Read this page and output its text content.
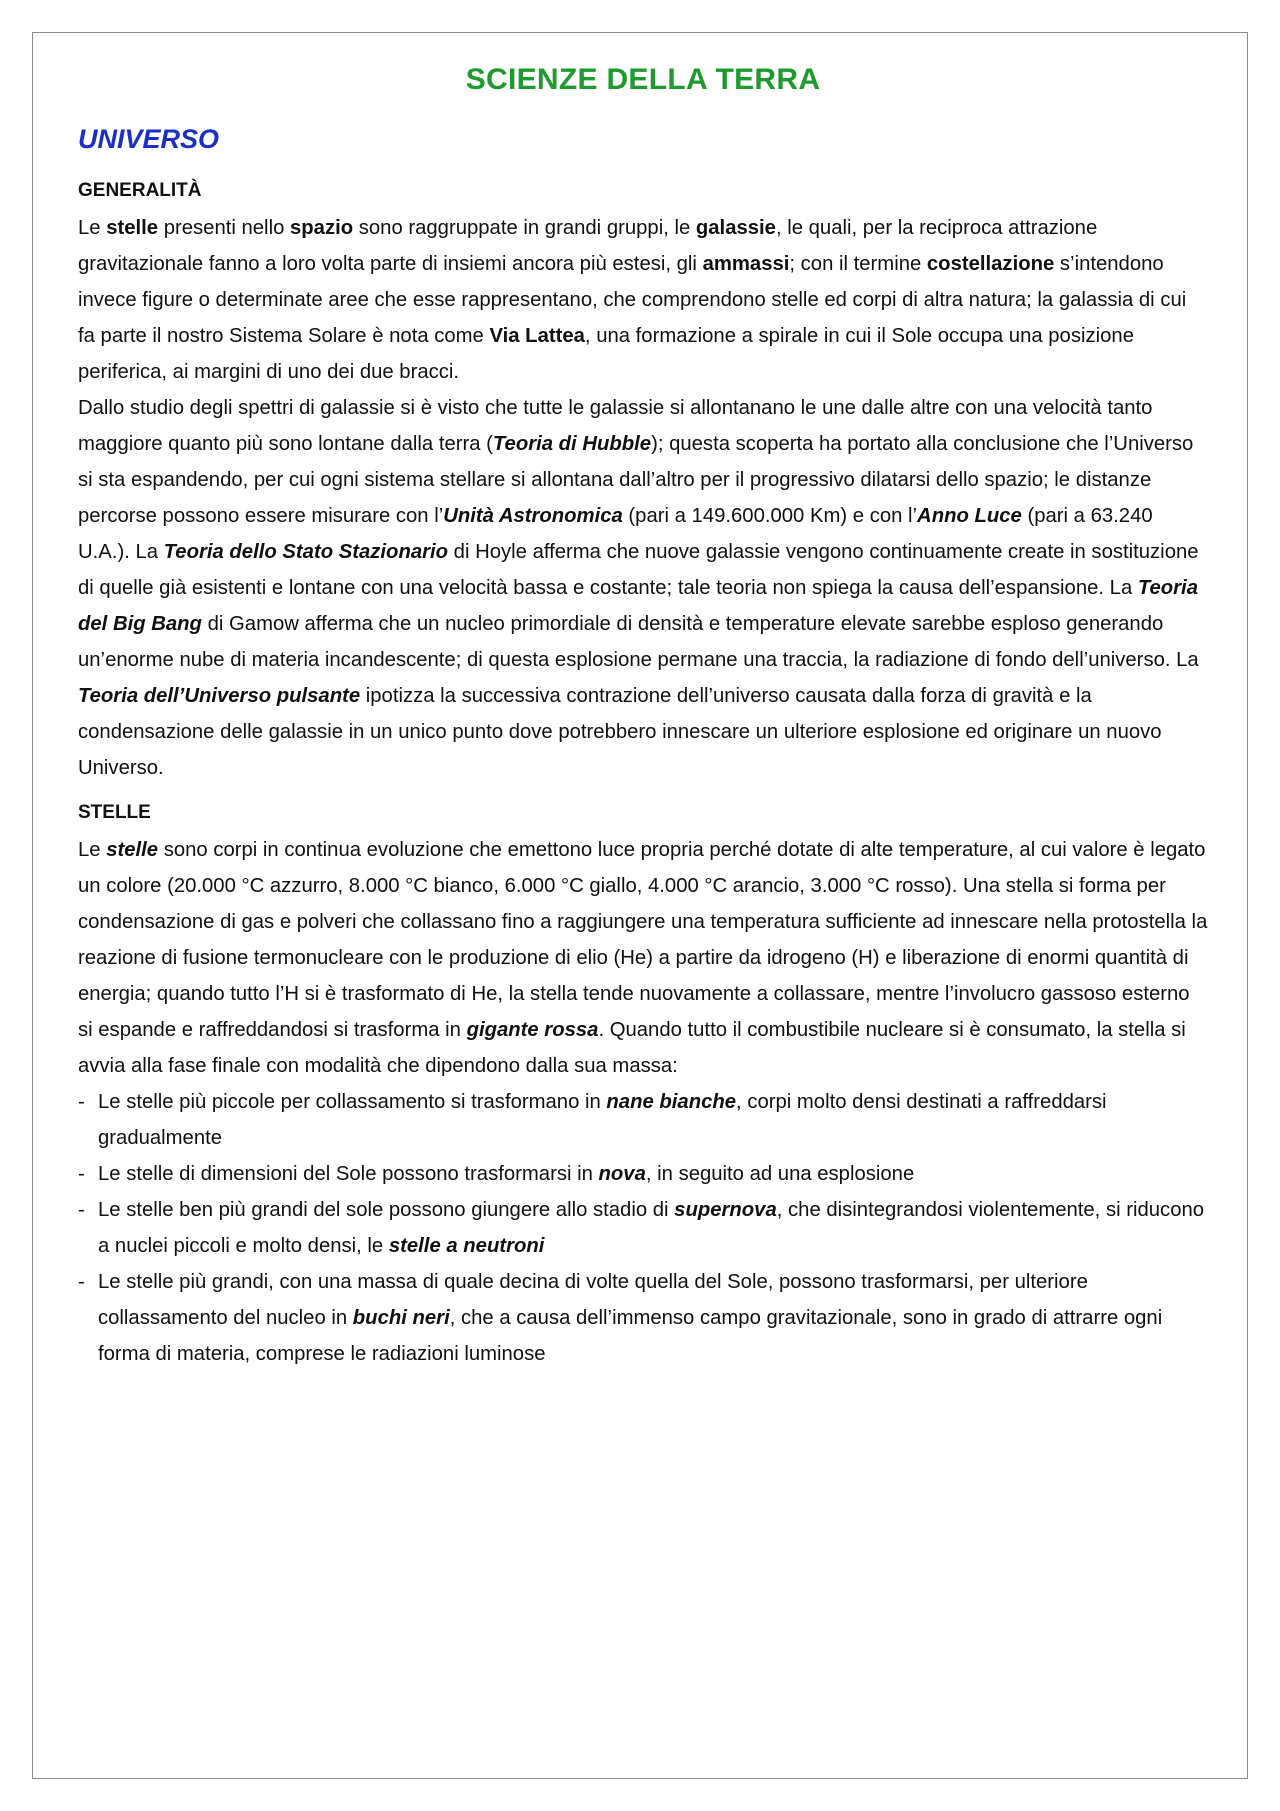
SCIENZE DELLA TERRA
UNIVERSO
GENERALITÀ

Le stelle presenti nello spazio sono raggruppate in grandi gruppi, le galassie, le quali, per la reciproca attrazione gravitazionale fanno a loro volta parte di insiemi ancora più estesi, gli ammassi; con il termine costellazione s’intendono invece figure o determinate aree che esse rappresentano, che comprendono stelle ed corpi di altra natura; la galassia di cui fa parte il nostro Sistema Solare è nota come Via Lattea, una formazione a spirale in cui il Sole occupa una posizione periferica, ai margini di uno dei due bracci.

Dallo studio degli spettri di galassie si è visto che tutte le galassie si allontanano le une dalle altre con una velocità tanto maggiore quanto più sono lontane dalla terra (Teoria di Hubble); questa scoperta ha portato alla conclusione che l’Universo si sta espandendo, per cui ogni sistema stellare si allontana dall’altro per il progressivo dilatarsi dello spazio; le distanze percorse possono essere misurare con l’Unità Astronomica (pari a 149.600.000 Km) e con l’Anno Luce (pari a 63.240 U.A.). La Teoria dello Stato Stazionario di Hoyle afferma che nuove galassie vengono continuamente create in sostituzione di quelle già esistenti e lontane con una velocità bassa e costante; tale teoria non spiega la causa dell’espansione. La Teoria del Big Bang di Gamow afferma che un nucleo primordiale di densità e temperature elevate sarebbe esploso generando un’enorme nube di materia incandescente; di questa esplosione permane una traccia, la radiazione di fondo dell’universo. La Teoria dell’Universo pulsante ipotizza la successiva contrazione dell’universo causata dalla forza di gravità e la condensazione delle galassie in un unico punto dove potrebbero innescare un ulteriore esplosione ed originare un nuovo Universo.

STELLE

Le stelle sono corpi in continua evoluzione che emettono luce propria perché dotate di alte temperature, al cui valore è legato un colore (20.000 °C azzurro, 8.000 °C bianco, 6.000 °C giallo, 4.000 °C arancio, 3.000 °C rosso). Una stella si forma per condensazione di gas e polveri che collassano fino a raggiungere una temperatura sufficiente ad innescare nella protostella la reazione di fusione termonucleare con le produzione di elio (He) a partire da idrogeno (H) e liberazione di enormi quantità di energia; quando tutto l’H si è trasformato di He, la stella tende nuovamente a collassare, mentre l’involucro gassoso esterno si espande e raffreddandosi si trasforma in gigante rossa. Quando tutto il combustibile nucleare si è consumato, la stella si avvia alla fase finale con modalità che dipendono dalla sua massa:

- Le stelle più piccole per collassamento si trasformano in nane bianche, corpi molto densi destinati a raffreddarsi gradualmente
- Le stelle di dimensioni del Sole possono trasformarsi in nova, in seguito ad una esplosione
- Le stelle ben più grandi del sole possono giungere allo stadio di supernova, che disintegrandosi violentemente, si riducono a nuclei piccoli e molto densi, le stelle a neutroni
- Le stelle più grandi, con una massa di quale decina di volte quella del Sole, possono trasformarsi, per ulteriore collassamento del nucleo in buchi neri, che a causa dell’immenso campo gravitazionale, sono in grado di attrarre ogni forma di materia, comprese le radiazioni luminose
